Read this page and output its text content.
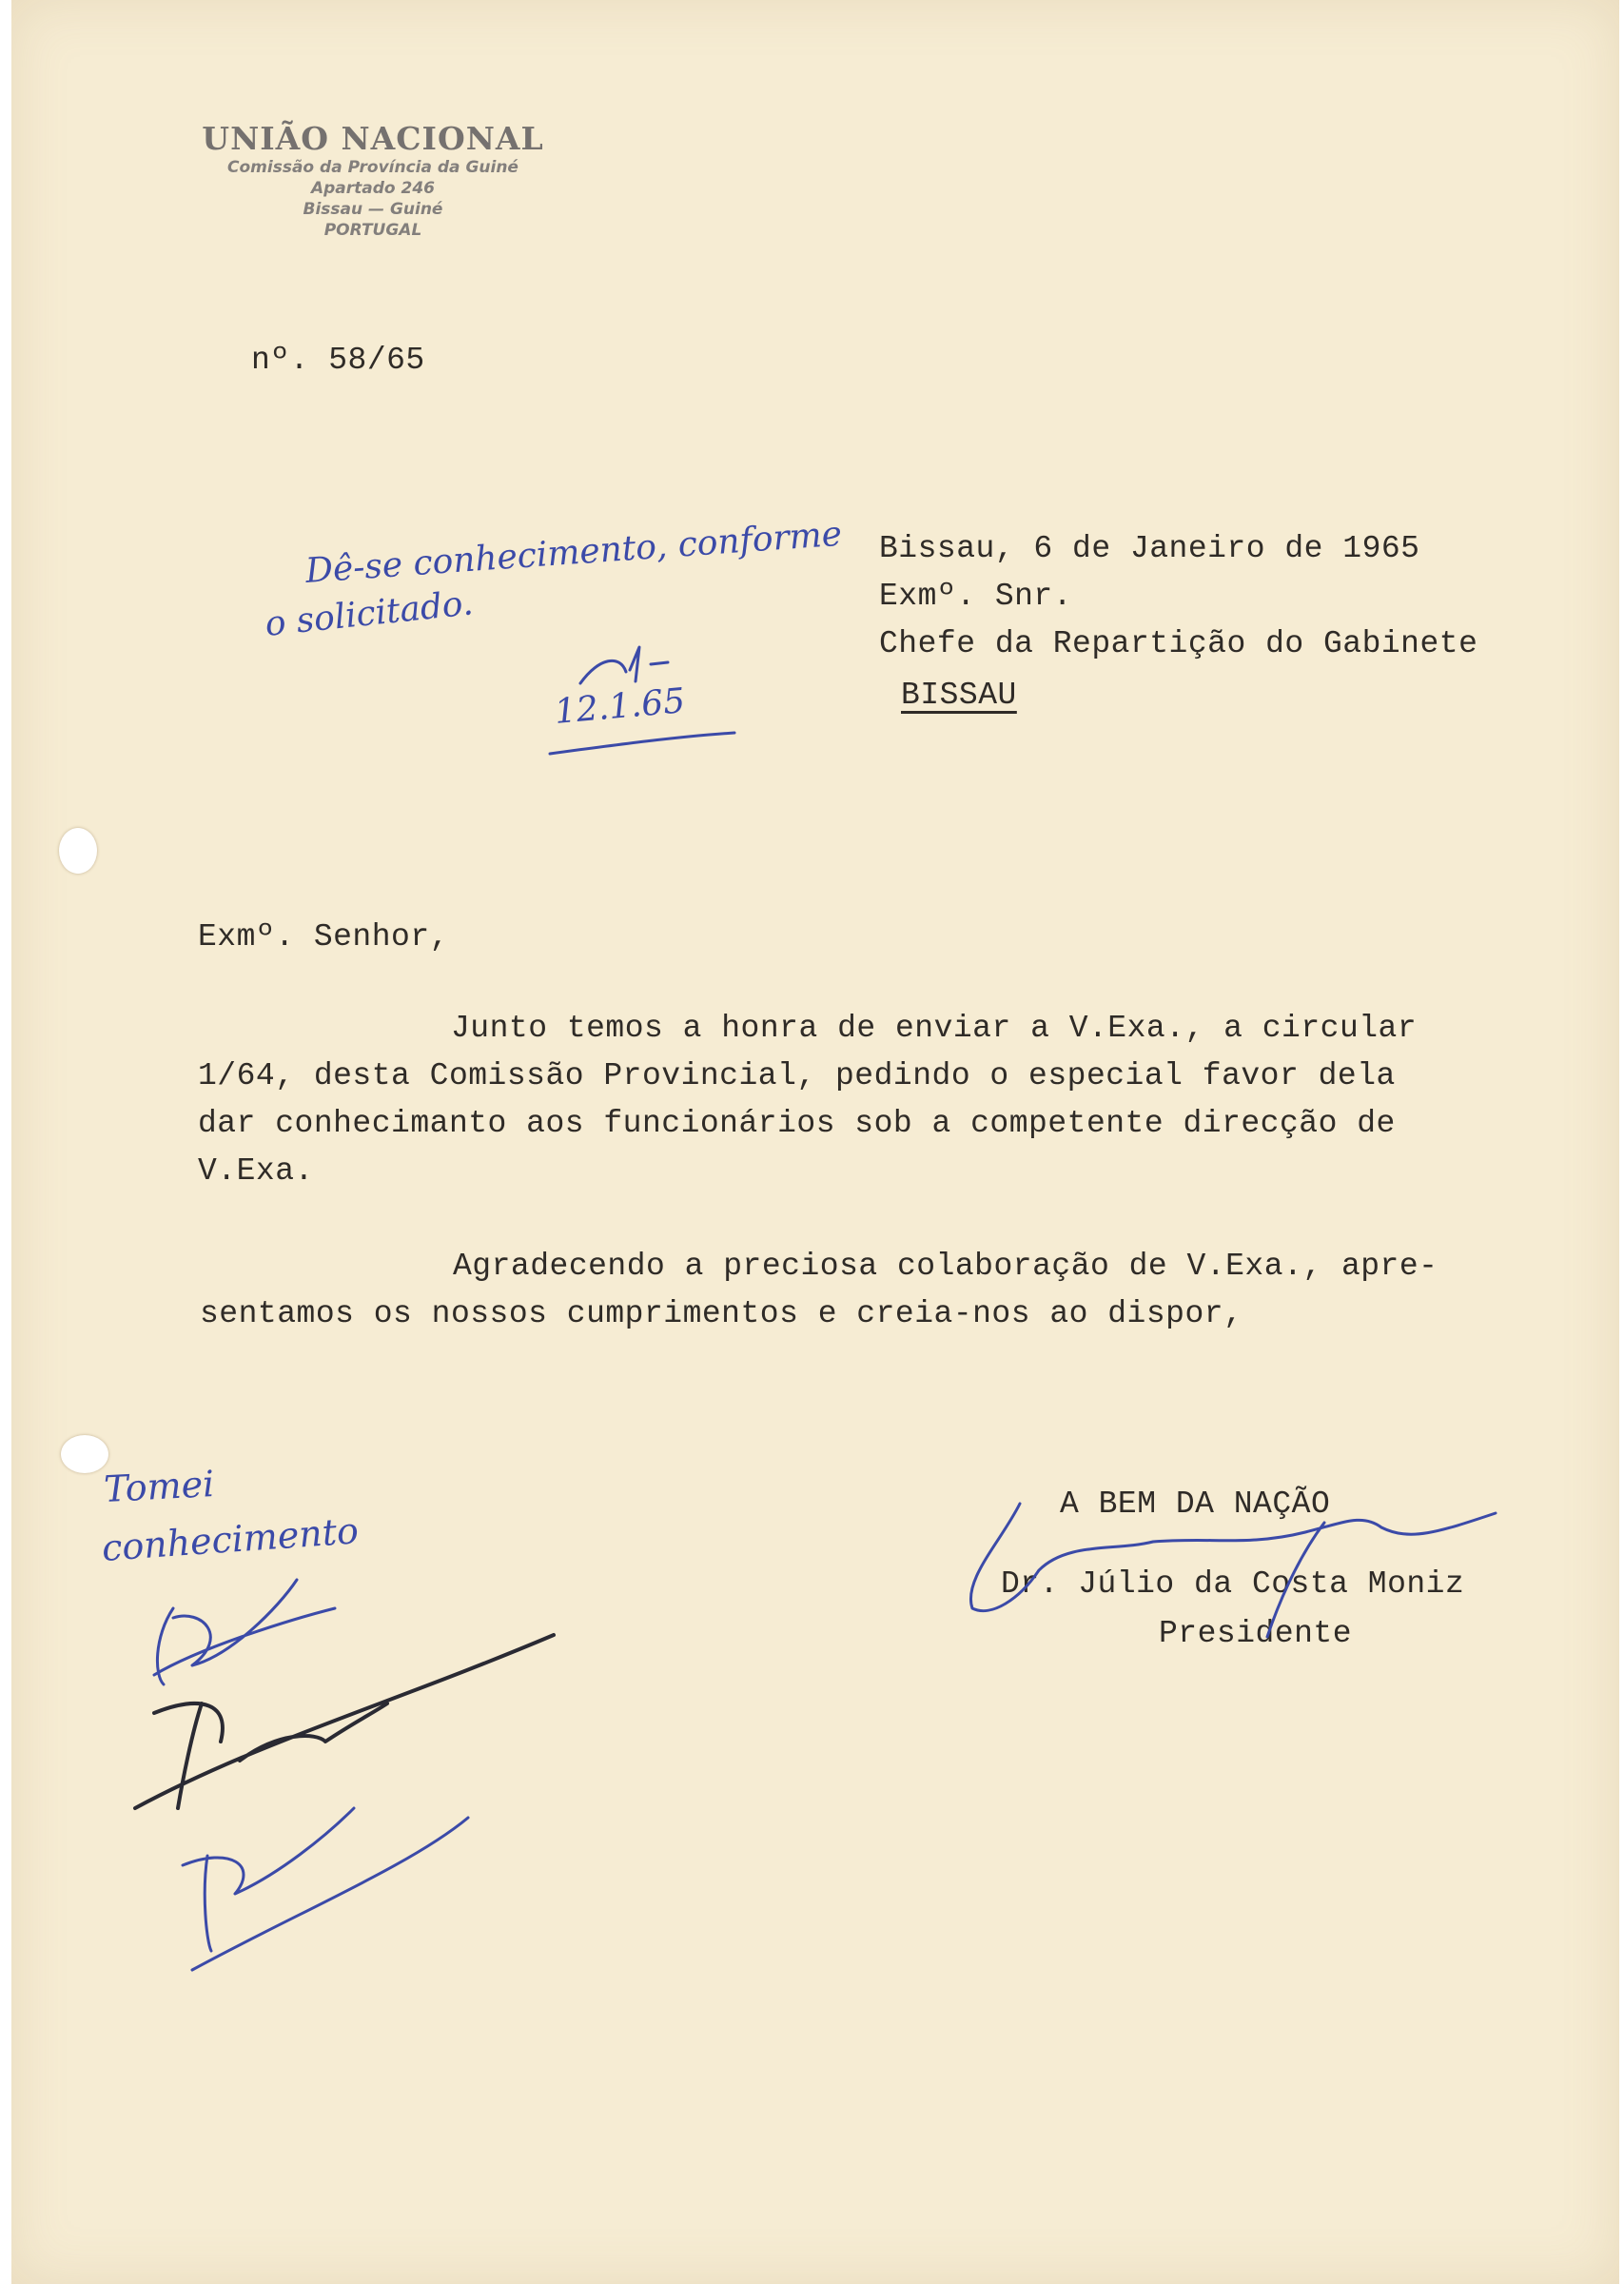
UNIÃO NACIONAL
Comissão da Província da Guiné
Apartado 246
Bissau — Guiné
PORTUGAL
nº. 58/65
Bissau, 6 de Janeiro de 1965
Exmº. Snr.
Chefe da Repartição do Gabinete
BISSAU
Exmº. Senhor,
Junto temos a honra de enviar a V.Exa., a circular
1/64, desta Comissão Provincial, pedindo o especial favor dela
dar conhecimanto aos funcionários sob a competente direcção de
V.Exa.
Agradecendo a preciosa colaboração de V.Exa., apre-
sentamos os nossos cumprimentos e creia-nos ao dispor,
A BEM DA NAÇÃO
Dr. Júlio da Costa Moniz
Presidente
Dê-se conhecimento, conforme
o solicitado.
12.1.65
Tomei
conhecimento
